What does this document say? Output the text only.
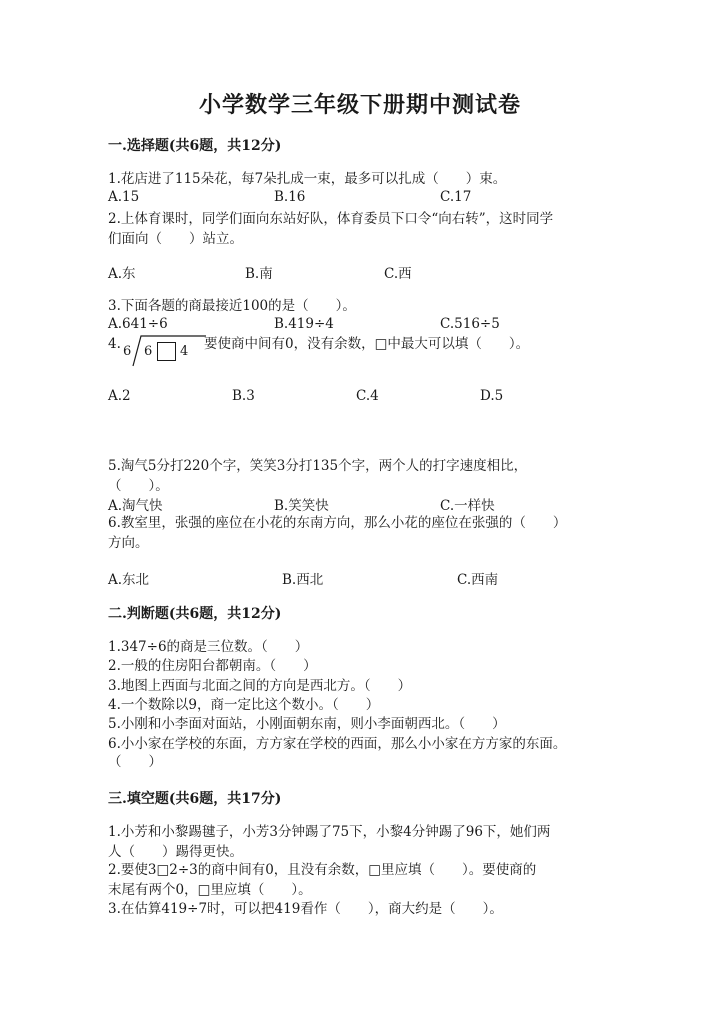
小学数学三年级下册期中测试卷
一.选择题(共6题，共12分)
1.花店进了115朵花，每7朵扎成一束，最多可以扎成（　　）束。
A.15	B.16	C.17
2.上体育课时，同学们面向东站好队，体育委员下口令“向右转”，这时同学
们面向（　　）站立。
A.东	B.南	C.西
3.下面各题的商最接近100的是（　　）。
A.641÷6	B.419÷4	C.516÷5
4. 6 6 4 要使商中间有0，没有余数，□中最大可以填（　　）。
A.2	B.3	C.4	D.5
5.淘气5分打220个字，笑笑3分打135个字，两个人的打字速度相比，
（　　）。
A.淘气快	B.笑笑快	C.一样快
6.教室里，张强的座位在小花的东南方向，那么小花的座位在张强的（　　）
方向。
A.东北	B.西北	C.西南
二.判断题(共6题，共12分)
1.347÷6的商是三位数。（　　）
2.一般的住房阳台都朝南。（　　）
3.地图上西面与北面之间的方向是西北方。（　　）
4.一个数除以9，商一定比这个数小。（　　）
5.小刚和小李面对面站，小刚面朝东南，则小李面朝西北。（　　）
6.小小家在学校的东面，方方家在学校的西面，那么小小家在方方家的东面。
（　　）
三.填空题(共6题，共17分)
1.小芳和小黎踢毽子，小芳3分钟踢了75下，小黎4分钟踢了96下，她们两
人（　　）踢得更快。
2.要使3□2÷3的商中间有0，且没有余数，□里应填（　　）。要使商的
末尾有两个0，□里应填（　　）。
3.在估算419÷7时，可以把419看作（　　），商大约是（　　）。
